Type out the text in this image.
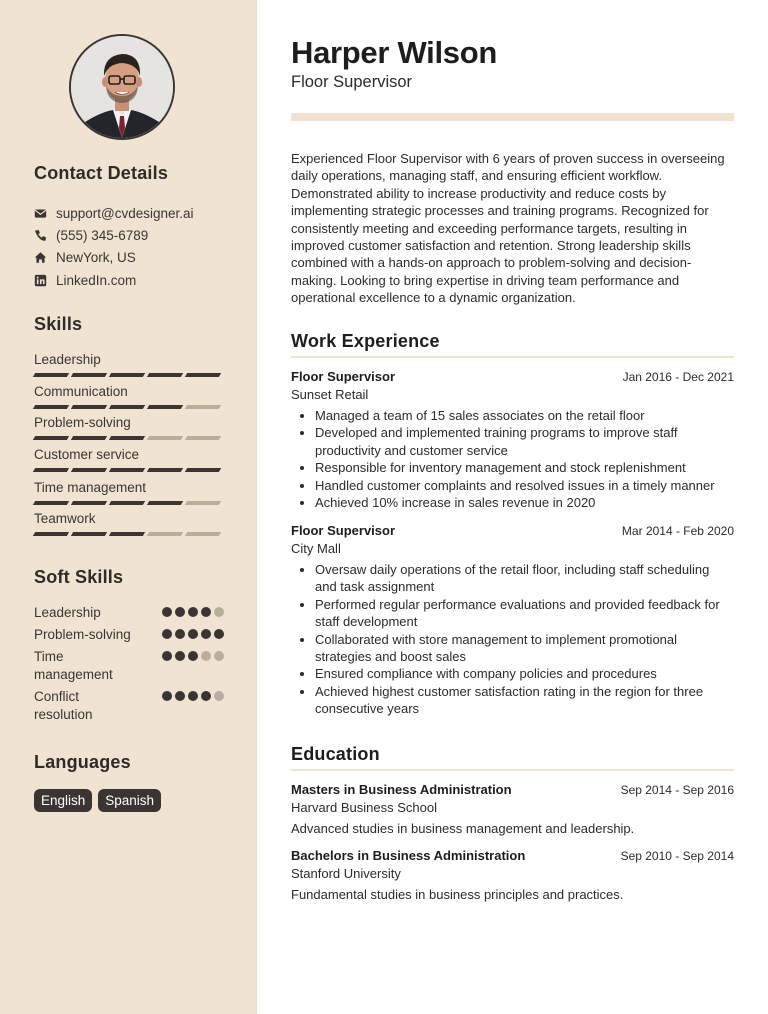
Contact Details
support@cvdesigner.ai
(555) 345-6789
NewYork, US
LinkedIn.com
Skills
Leadership
Communication
Problem-solving
Customer service
Time management
Teamwork
Soft Skills
Leadership
Problem-solving
Time management
Conflict resolution
Languages
English	Spanish
Harper Wilson
Floor Supervisor
Experienced Floor Supervisor with 6 years of proven success in overseeing daily operations, managing staff, and ensuring efficient workflow. Demonstrated ability to increase productivity and reduce costs by implementing strategic processes and training programs. Recognized for consistently meeting and exceeding performance targets, resulting in improved customer satisfaction and retention. Strong leadership skills combined with a hands-on approach to problem-solving and decision-making. Looking to bring expertise in driving team performance and operational excellence to a dynamic organization.
Work Experience
Floor Supervisor	Jan 2016 - Dec 2021
Sunset Retail
• Managed a team of 15 sales associates on the retail floor
• Developed and implemented training programs to improve staff productivity and customer service
• Responsible for inventory management and stock replenishment
• Handled customer complaints and resolved issues in a timely manner
• Achieved 10% increase in sales revenue in 2020
Floor Supervisor	Mar 2014 - Feb 2020
City Mall
• Oversaw daily operations of the retail floor, including staff scheduling and task assignment
• Performed regular performance evaluations and provided feedback for staff development
• Collaborated with store management to implement promotional strategies and boost sales
• Ensured compliance with company policies and procedures
• Achieved highest customer satisfaction rating in the region for three consecutive years
Education
Masters in Business Administration	Sep 2014 - Sep 2016
Harvard Business School
Advanced studies in business management and leadership.
Bachelors in Business Administration	Sep 2010 - Sep 2014
Stanford University
Fundamental studies in business principles and practices.
